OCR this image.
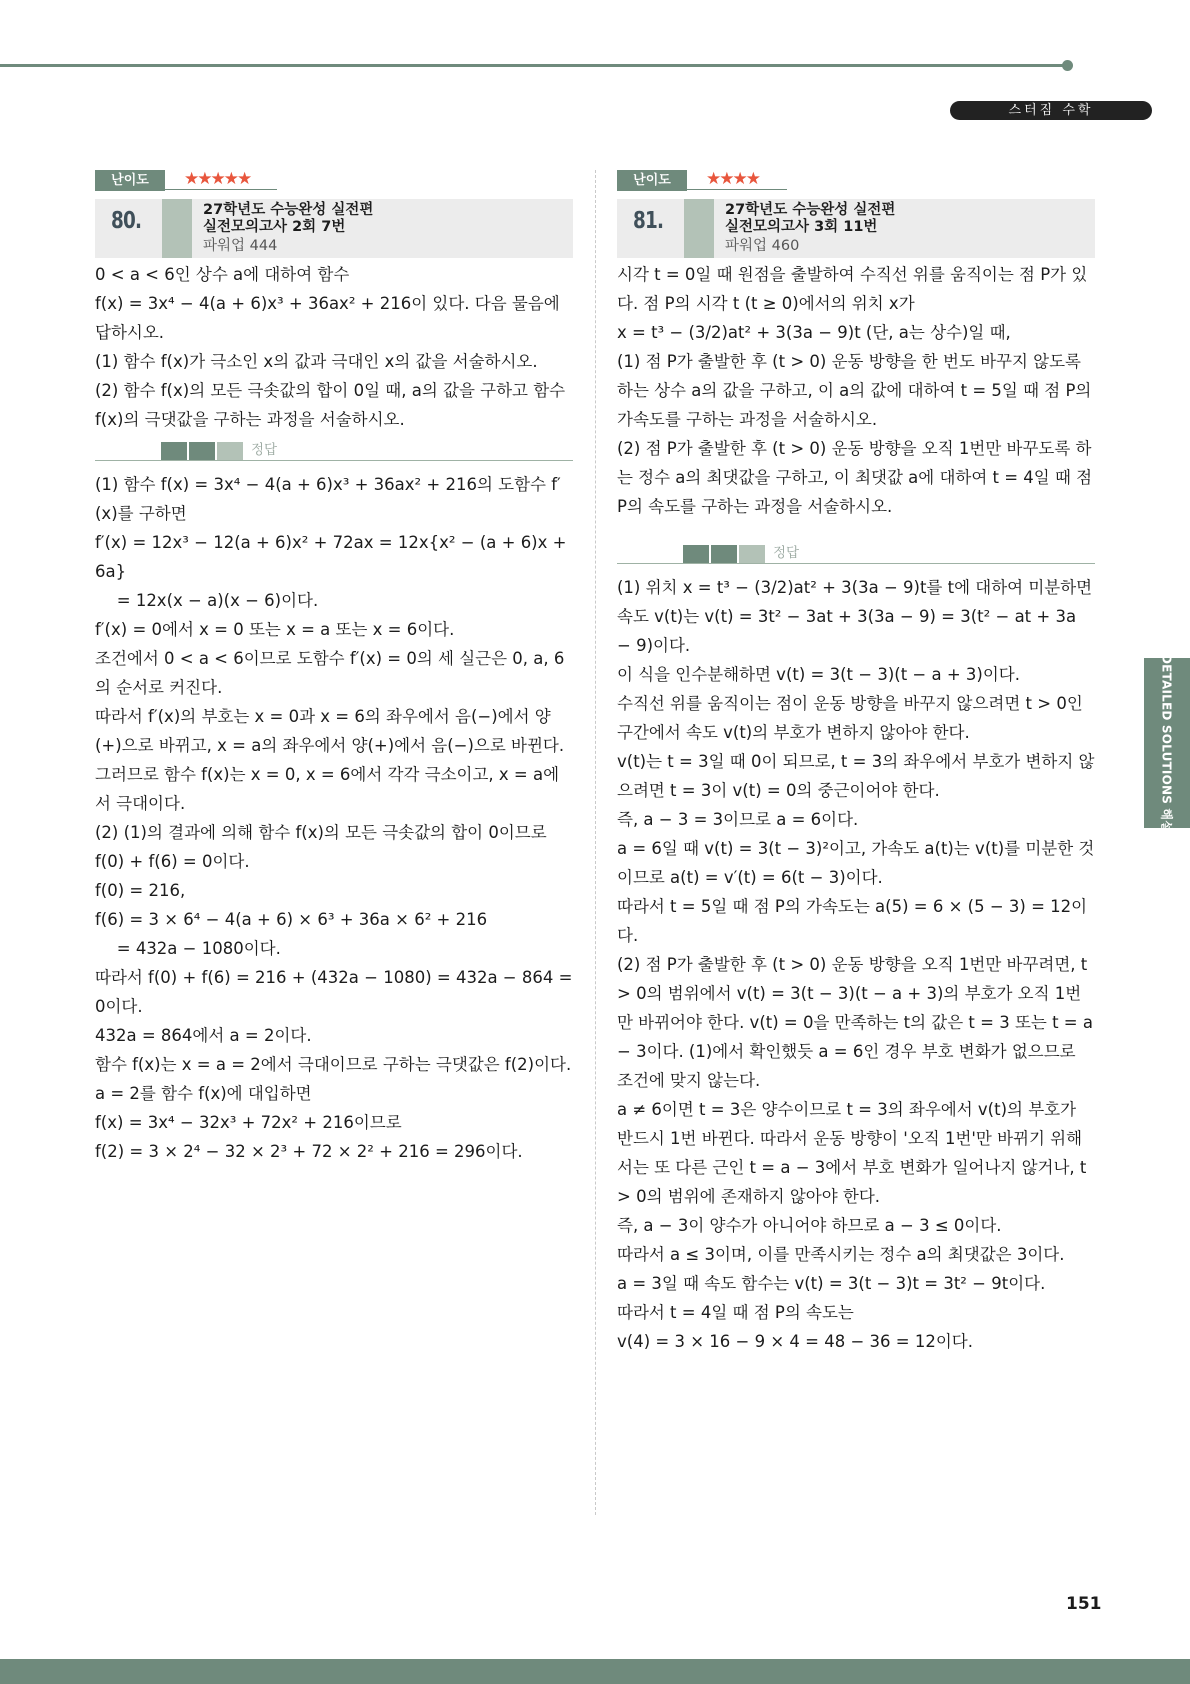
스터짐 수학
DETAILED SOLUTIONS 해설
난이도	★★★★★
80.	27학년도 수능완성 실전편
실전모의고사 2회 7번
파워업 444

0 < a < 6인 상수 a에 대하여 함수

f(x) = 3x⁴ − 4(a + 6)x³ + 36ax² + 216이 있다. 다음 물음에 답하시오.

(1) 함수 f(x)가 극소인 x의 값과 극대인 x의 값을 서술하시오.

(2) 함수 f(x)의 모든 극솟값의 합이 0일 때, a의 값을 구하고 함수 f(x)의 극댓값을 구하는 과정을 서술하시오.

정답

(1) 함수 f(x) = 3x⁴ − 4(a + 6)x³ + 36ax² + 216의 도함수 f′(x)를 구하면

f′(x) = 12x³ − 12(a + 6)x² + 72ax = 12x{x² − (a + 6)x + 6a}

　 = 12x(x − a)(x − 6)이다.

f′(x) = 0에서 x = 0 또는 x = a 또는 x = 6이다.

조건에서 0 < a < 6이므로 도함수 f′(x) = 0의 세 실근은 0, a, 6의 순서로 커진다.

따라서 f′(x)의 부호는 x = 0과 x = 6의 좌우에서 음(−)에서 양(+)으로 바뀌고, x = a의 좌우에서 양(+)에서 음(−)으로 바뀐다. 그러므로 함수 f(x)는 x = 0, x = 6에서 각각 극소이고, x = a에서 극대이다.

(2) (1)의 결과에 의해 함수 f(x)의 모든 극솟값의 합이 0이므로 f(0) + f(6) = 0이다.

f(0) = 216,

f(6) = 3 × 6⁴ − 4(a + 6) × 6³ + 36a × 6² + 216

　 = 432a − 1080이다.

따라서 f(0) + f(6) = 216 + (432a − 1080) = 432a − 864 = 0이다.

432a = 864에서 a = 2이다.

함수 f(x)는 x = a = 2에서 극대이므로 구하는 극댓값은 f(2)이다.

a = 2를 함수 f(x)에 대입하면

f(x) = 3x⁴ − 32x³ + 72x² + 216이므로

f(2) = 3 × 2⁴ − 32 × 2³ + 72 × 2² + 216 = 296이다.

난이도	★★★★
81.	27학년도 수능완성 실전편
실전모의고사 3회 11번
파워업 460

시각 t = 0일 때 원점을 출발하여 수직선 위를 움직이는 점 P가 있다. 점 P의 시각 t (t ≥ 0)에서의 위치 x가

x = t³ − (3/2)at² + 3(3a − 9)t (단, a는 상수)일 때,

(1) 점 P가 출발한 후 (t > 0) 운동 방향을 한 번도 바꾸지 않도록 하는 상수 a의 값을 구하고, 이 a의 값에 대하여 t = 5일 때 점 P의 가속도를 구하는 과정을 서술하시오.

(2) 점 P가 출발한 후 (t > 0) 운동 방향을 오직 1번만 바꾸도록 하는 정수 a의 최댓값을 구하고, 이 최댓값 a에 대하여 t = 4일 때 점 P의 속도를 구하는 과정을 서술하시오.

정답

(1) 위치 x = t³ − (3/2)at² + 3(3a − 9)t를 t에 대하여 미분하면 속도 v(t)는 v(t) = 3t² − 3at + 3(3a − 9) = 3(t² − at + 3a − 9)이다.

이 식을 인수분해하면 v(t) = 3(t − 3)(t − a + 3)이다.

수직선 위를 움직이는 점이 운동 방향을 바꾸지 않으려면 t > 0인 구간에서 속도 v(t)의 부호가 변하지 않아야 한다.

v(t)는 t = 3일 때 0이 되므로, t = 3의 좌우에서 부호가 변하지 않으려면 t = 3이 v(t) = 0의 중근이어야 한다.

즉, a − 3 = 3이므로 a = 6이다.

a = 6일 때 v(t) = 3(t − 3)²이고, 가속도 a(t)는 v(t)를 미분한 것이므로 a(t) = v′(t) = 6(t − 3)이다.

따라서 t = 5일 때 점 P의 가속도는 a(5) = 6 × (5 − 3) = 12이다.

(2) 점 P가 출발한 후 (t > 0) 운동 방향을 오직 1번만 바꾸려면, t > 0의 범위에서 v(t) = 3(t − 3)(t − a + 3)의 부호가 오직 1번만 바뀌어야 한다. v(t) = 0을 만족하는 t의 값은 t = 3 또는 t = a − 3이다. (1)에서 확인했듯 a = 6인 경우 부호 변화가 없으므로 조건에 맞지 않는다.

a ≠ 6이면 t = 3은 양수이므로 t = 3의 좌우에서 v(t)의 부호가 반드시 1번 바뀐다. 따라서 운동 방향이 '오직 1번'만 바뀌기 위해서는 또 다른 근인 t = a − 3에서 부호 변화가 일어나지 않거나, t > 0의 범위에 존재하지 않아야 한다.

즉, a − 3이 양수가 아니어야 하므로 a − 3 ≤ 0이다.

따라서 a ≤ 3이며, 이를 만족시키는 정수 a의 최댓값은 3이다.

a = 3일 때 속도 함수는 v(t) = 3(t − 3)t = 3t² − 9t이다.

따라서 t = 4일 때 점 P의 속도는

v(4) = 3 × 16 − 9 × 4 = 48 − 36 = 12이다.

151
